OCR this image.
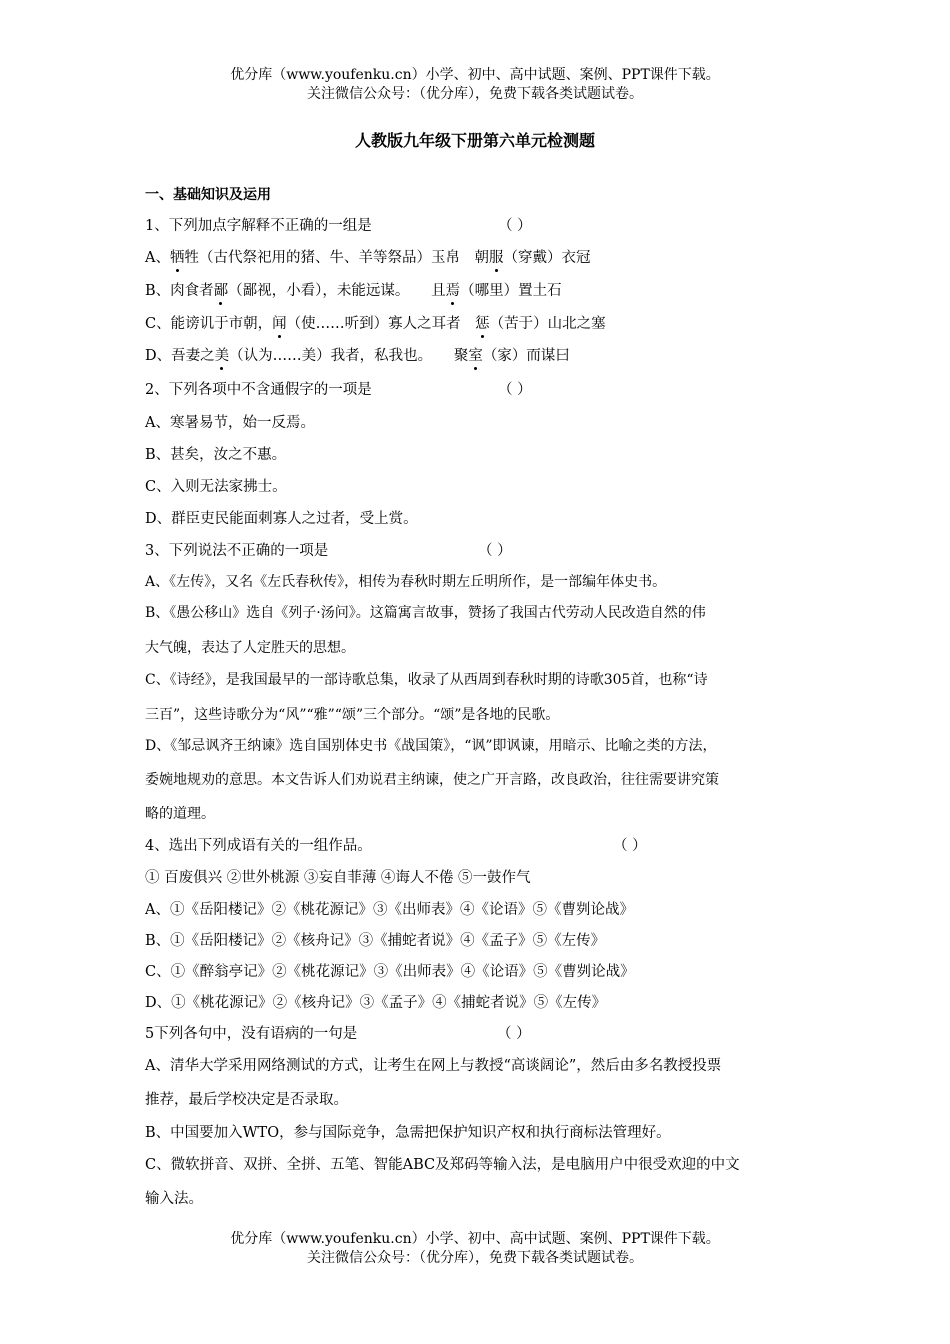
优分库（www.youfenku.cn）小学、初中、高中试题、案例、PPT课件下载。
关注微信公众号：（优分库），免费下载各类试题试卷。
人教版九年级下册第六单元检测题
一、基础知识及运用
1、下列加点字解释不正确的一组是	（ ）
A、牺牲（古代祭祀用的猪、牛、羊等祭品）玉帛　朝服（穿戴）衣冠
B、肉食者鄙（鄙视，小看），未能远谋。　　且焉（哪里）置土石
C、能谤讥于市朝，闻（使……听到）寡人之耳者　惩（苦于）山北之塞
D、吾妻之美（认为……美）我者，私我也。　　聚室（家）而谋曰
2、下列各项中不含通假字的一项是	（ ）
A、寒暑易节，始一反焉。
B、甚矣，汝之不惠。
C、入则无法家拂士。
D、群臣吏民能面刺寡人之过者，受上赏。
3、下列说法不正确的一项是	（ ）
A、《左传》，又名《左氏春秋传》，相传为春秋时期左丘明所作，是一部编年体史书。
B、《愚公移山》选自《列子·汤问》。这篇寓言故事，赞扬了我国古代劳动人民改造自然的伟
大气魄，表达了人定胜天的思想。
C、《诗经》，是我国最早的一部诗歌总集，收录了从西周到春秋时期的诗歌305首，也称“诗
三百”，这些诗歌分为“风”“雅”“颂”三个部分。“颂”是各地的民歌。
D、《邹忌讽齐王纳谏》选自国别体史书《战国策》，“讽”即讽谏，用暗示、比喻之类的方法，
委婉地规劝的意思。本文告诉人们劝说君主纳谏，使之广开言路，改良政治，往往需要讲究策
略的道理。
4、选出下列成语有关的一组作品。	（ ）
① 百废俱兴 ②世外桃源 ③妄自菲薄 ④诲人不倦 ⑤一鼓作气
A、①《岳阳楼记》②《桃花源记》③《出师表》④《论语》⑤《曹刿论战》
B、①《岳阳楼记》②《核舟记》③《捕蛇者说》④《孟子》⑤《左传》
C、①《醉翁亭记》②《桃花源记》③《出师表》④《论语》⑤《曹刿论战》
D、①《桃花源记》②《核舟记》③《孟子》④《捕蛇者说》⑤《左传》
5下列各句中，没有语病的一句是	（ ）
A、清华大学采用网络测试的方式，让考生在网上与教授“高谈阔论”，然后由多名教授投票
推荐，最后学校决定是否录取。
B、中国要加入WTO，参与国际竞争，急需把保护知识产权和执行商标法管理好。
C、微软拼音、双拼、全拼、五笔、智能ABC及郑码等输入法，是电脑用户中很受欢迎的中文
输入法。
优分库（www.youfenku.cn）小学、初中、高中试题、案例、PPT课件下载。
关注微信公众号：（优分库），免费下载各类试题试卷。
